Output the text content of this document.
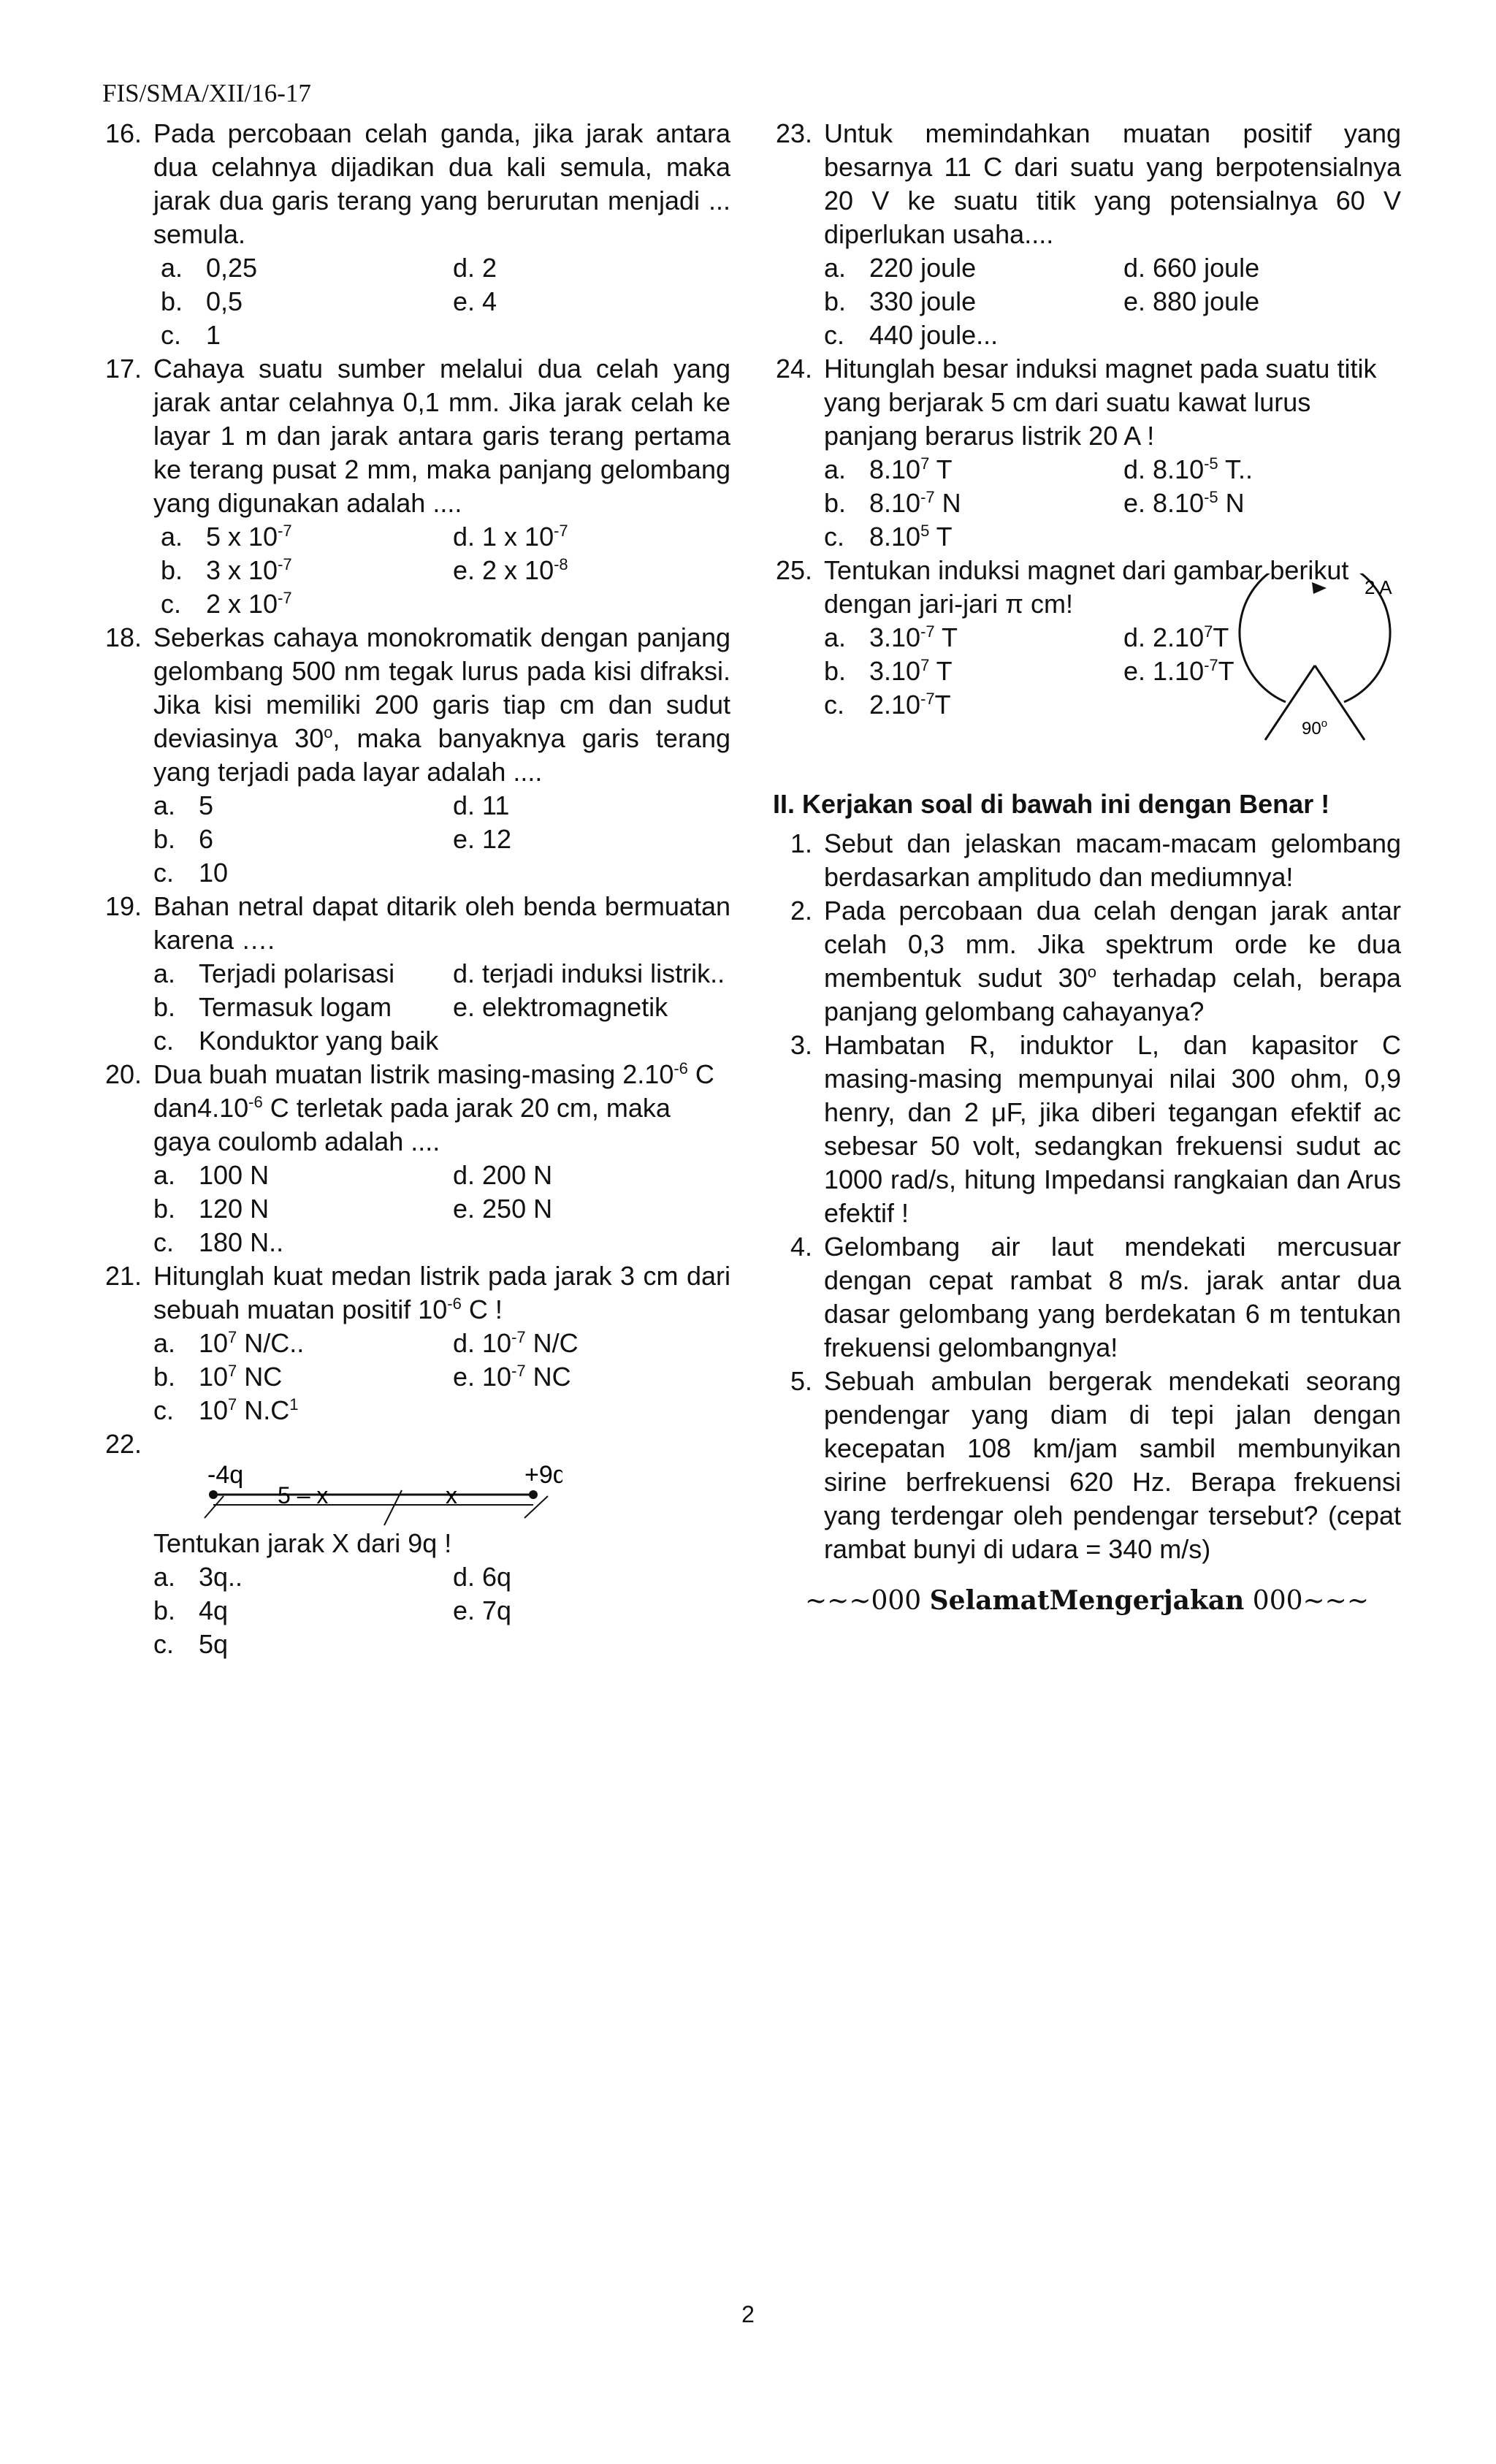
FIS/SMA/XII/16-17
16. Pada percobaan celah ganda, jika jarak antara dua celahnya dijadikan dua kali semula, maka jarak dua garis terang yang berurutan menjadi ... semula.
a. 0,25	d. 2
b. 0,5	e. 4
c. 1
17. Cahaya suatu sumber melalui dua celah yang jarak antar celahnya 0,1 mm. Jika jarak celah ke layar 1 m dan jarak antara garis terang pertama ke terang pusat 2 mm, maka panjang gelombang yang digunakan adalah ....
a. 5 x $10^{-7}$	d. 1 x $10^{-7}$
b. 3 x $10^{-7}$	e. 2 x $10^{-8}$
c. 2 x $10^{-7}$
18. Seberkas cahaya monokromatik dengan panjang gelombang 500 nm tegak lurus pada kisi difraksi. Jika kisi memiliki 200 garis tiap cm dan sudut deviasinya 30$^o$, maka banyaknya garis terang yang terjadi pada layar adalah ....
a. 5	d. 11
b. 6	e. 12
c. 10
19. Bahan netral dapat ditarik oleh benda bermuatan karena ….
a. Terjadi polarisasi	d. terjadi induksi listrik..
b. Termasuk logam	e. elektromagnetik
c. Konduktor yang baik
20. Dua buah muatan listrik masing-masing $2.10^{-6}$ C $dan4.10^{-6}$ C terletak pada jarak 20 cm, maka gaya coulomb adalah ....
a. 100 N	d. 200 N
b. 120 N	e. 250 N
c. 180 N..
21. Hitunglah kuat medan listrik pada jarak 3 cm dari sebuah muatan positif $10^{-6}$ C !
a. $10^7$ N/C..	d. $10^{-7}$ N/C
b. $10^7$ NC	e. $10^{-7}$ NC
c. $10^7$ $N.C^1$
22.
-4q	+9q
5 – x	x
Tentukan jarak X dari 9q !
a. 3q..	d. 6q
b. 4q	e. 7q
c. 5q
23. Untuk memindahkan muatan positif yang besarnya 11 C dari suatu yang berpotensialnya 20 V ke suatu titik yang potensialnya 60 V diperlukan usaha....
a. 220 joule	d. 660 joule
b. 330 joule	e. 880 joule
c. 440 joule...
24. Hitunglah besar induksi magnet pada suatu titik yang berjarak 5 cm dari suatu kawat lurus panjang berarus listrik 20 A !
a. 8.10$^7$ T	d. $8.10^{-5}$ T..
b. $8.10^{-7}$ N	e. $8.10^{-5}$ N
c. 8.10$^5$ T
25. Tentukan induksi magnet dari gambar berikut dengan jari-jari π cm!
a. $3.10^{-7}$ T	d. 2.10$^7$T
b. 3.10$^7$ T	e. $1.10^{-7}T$
c. $2.10^{-7}T$
II. Kerjakan soal di bawah ini dengan Benar !
1. Sebut dan jelaskan macam-macam gelombang berdasarkan amplitudo dan mediumnya!
2. Pada percobaan dua celah dengan jarak antar celah 0,3 mm. Jika spektrum orde ke dua membentuk sudut 30$^o$ terhadap celah, berapa panjang gelombang cahayanya?
3. Hambatan R, induktor L, dan kapasitor C masing-masing mempunyai nilai 300 ohm, 0,9 henry, dan 2 μF, jika diberi tegangan efektif ac sebesar 50 volt, sedangkan frekuensi sudut ac 1000 rad/s, hitung Impedansi rangkaian dan Arus efektif !
4. Gelombang air laut mendekati mercusuar dengan cepat rambat 8 m/s. jarak antar dua dasar gelombang yang berdekatan 6 m tentukan frekuensi gelombangnya!
5. Sebuah ambulan bergerak mendekati seorang pendengar yang diam di tepi jalan dengan kecepatan 108 km/jam sambil membunyikan sirine berfrekuensi 620 Hz. Berapa frekuensi yang terdengar oleh pendengar tersebut? (cepat rambat bunyi di udara = 340 m/s)
~~~000 SelamatMengerjakan 000~~~
2 A
90$^o$
2
